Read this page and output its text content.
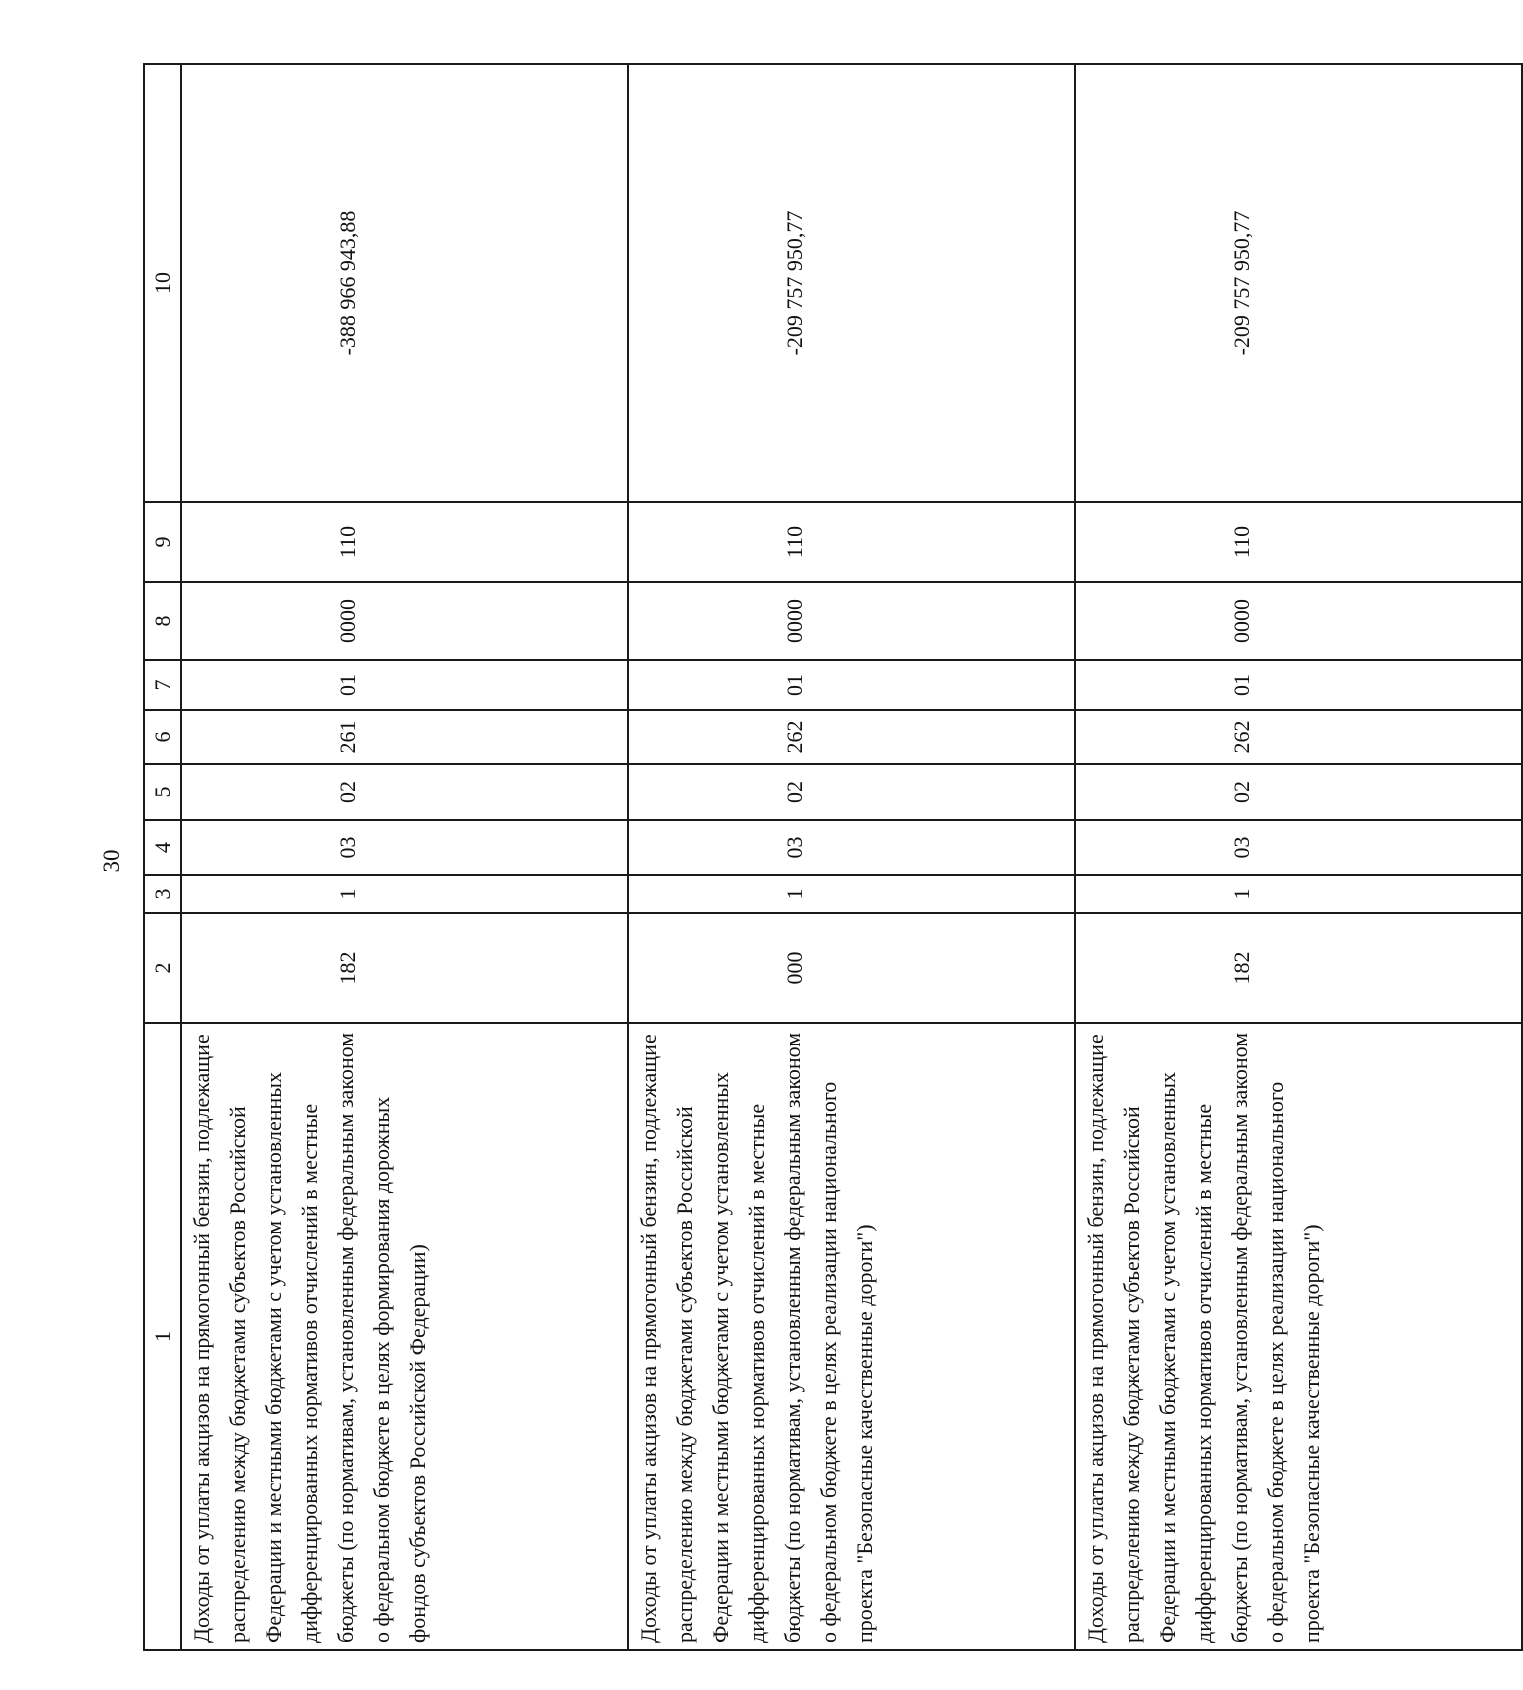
30
1	2	3	4	5	6	7	8	9	10
Доходы от уплаты акцизов на прямогонный бензин, подлежащие распределению между бюджетами субъектов Российской Федерации и местными бюджетами с учетом установленных дифференцированных нормативов отчислений в местные бюджеты (по нормативам, установленным федеральным законом о федеральном бюджете в целях формирования дорожных фондов субъектов Российской Федерации)	182	1	03	02	261	01	0000	110	-388 966 943,88
Доходы от уплаты акцизов на прямогонный бензин, подлежащие распределению между бюджетами субъектов Российской Федерации и местными бюджетами с учетом установленных дифференцированных нормативов отчислений в местные бюджеты (по нормативам, установленным федеральным законом о федеральном бюджете в целях реализации национального проекта "Безопасные качественные дороги")	000	1	03	02	262	01	0000	110	-209 757 950,77
Доходы от уплаты акцизов на прямогонный бензин, подлежащие распределению между бюджетами субъектов Российской Федерации и местными бюджетами с учетом установленных дифференцированных нормативов отчислений в местные бюджеты (по нормативам, установленным федеральным законом о федеральном бюджете в целях реализации национального проекта "Безопасные качественные дороги")	182	1	03	02	262	01	0000	110	-209 757 950,77
